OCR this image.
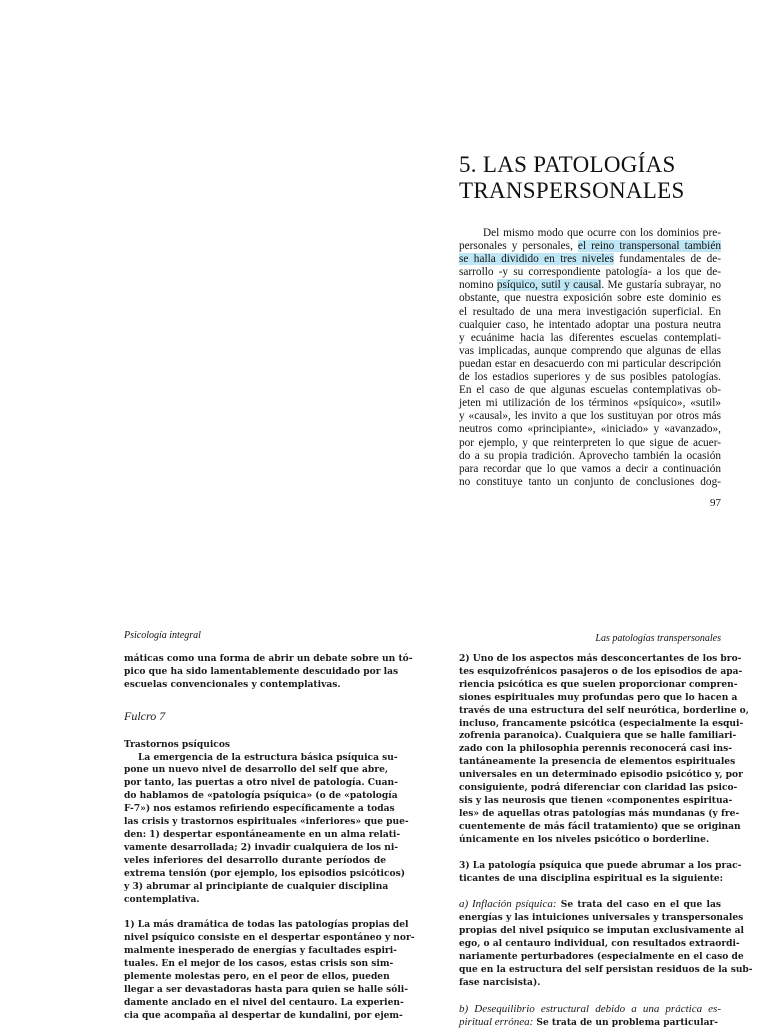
5. LAS PATOLOGÍAS
TRANSPERSONALES
Del mismo modo que ocurre con los dominios pre-
personales y personales, el reino transpersonal también
se halla dividido en tres niveles fundamentales de de-
sarrollo -y su correspondiente patología- a los que de-
nomino psíquico, sutil y causal. Me gustaría subrayar, no
obstante, que nuestra exposición sobre este dominio es
el resultado de una mera investigación superficial. En
cualquier caso, he intentado adoptar una postura neutra
y ecuánime hacia las diferentes escuelas contemplati-
vas implicadas, aunque comprendo que algunas de ellas
puedan estar en desacuerdo con mi particular descripción
de los estadios superiores y de sus posibles patologías.
En el caso de que algunas escuelas contemplativas ob-
jeten mi utilización de los términos «psíquico», «sutil»
y «causal», les invito a que los sustituyan por otros más
neutros como «principiante», «iniciado» y «avanzado»,
por ejemplo, y que reinterpreten lo que sigue de acuer-
do a su propia tradición. Aprovecho también la ocasión
para recordar que lo que vamos a decir a continuación
no constituye tanto un conjunto de conclusiones dog-
97
Psicología integral	Las patologías transpersonales

máticas como una forma de abrir un debate sobre un tó-
pico que ha sido lamentablemente descuidado por las
escuelas convencionales y contemplativas.

Fulcro 7

Trastornos psíquicos
La emergencia de la estructura básica psíquica su-
pone un nuevo nivel de desarrollo del self que abre,
por tanto, las puertas a otro nivel de patología. Cuan-
do hablamos de «patología psíquica» (o de «patología
F-7») nos estamos refiriendo específicamente a todas
las crisis y trastornos espirituales «inferiores» que pue-
den: 1) despertar espontáneamente en un alma relati-
vamente desarrollada; 2) invadir cualquiera de los ni-
veles inferiores del desarrollo durante períodos de
extrema tensión (por ejemplo, los episodios psicóticos)
y 3) abrumar al principiante de cualquier disciplina
contemplativa.

1) La más dramática de todas las patologías propias del
nivel psíquico consiste en el despertar espontáneo y nor-
malmente inesperado de energías y facultades espiri-
tuales. En el mejor de los casos, estas crisis son sim-
plemente molestas pero, en el peor de ellos, pueden
llegar a ser devastadoras hasta para quien se halle sóli-
damente anclado en el nivel del centauro. La experien-
cia que acompaña al despertar de kundalini, por ejem-

2) Uno de los aspectos más desconcertantes de los bro-
tes esquizofrénicos pasajeros o de los episodios de apa-
riencia psicótica es que suelen proporcionar compren-
siones espirituales muy profundas pero que lo hacen a
través de una estructura del self neurótica, borderline o,
incluso, francamente psicótica (especialmente la esqui-
zofrenia paranoica). Cualquiera que se halle familiari-
zado con la philosophia perennis reconocerá casi ins-
tantáneamente la presencia de elementos espirituales
universales en un determinado episodio psicótico y, por
consiguiente, podrá diferenciar con claridad las psico-
sis y las neurosis que tienen «componentes espiritua-
les» de aquellas otras patologías más mundanas (y fre-
cuentemente de más fácil tratamiento) que se originan
únicamente en los niveles psicótico o borderline.

3) La patología psíquica que puede abrumar a los prac-
ticantes de una disciplina espiritual es la siguiente:

a) Inflación psíquica: Se trata del caso en el que las
energías y las intuiciones universales y transpersonales
propias del nivel psíquico se imputan exclusivamente al
ego, o al centauro individual, con resultados extraordi-
nariamente perturbadores (especialmente en el caso de
que en la estructura del self persistan residuos de la sub-
fase narcisista).

b) Desequilibrio estructural debido a una práctica es-
piritual errónea: Se trata de un problema particular-
